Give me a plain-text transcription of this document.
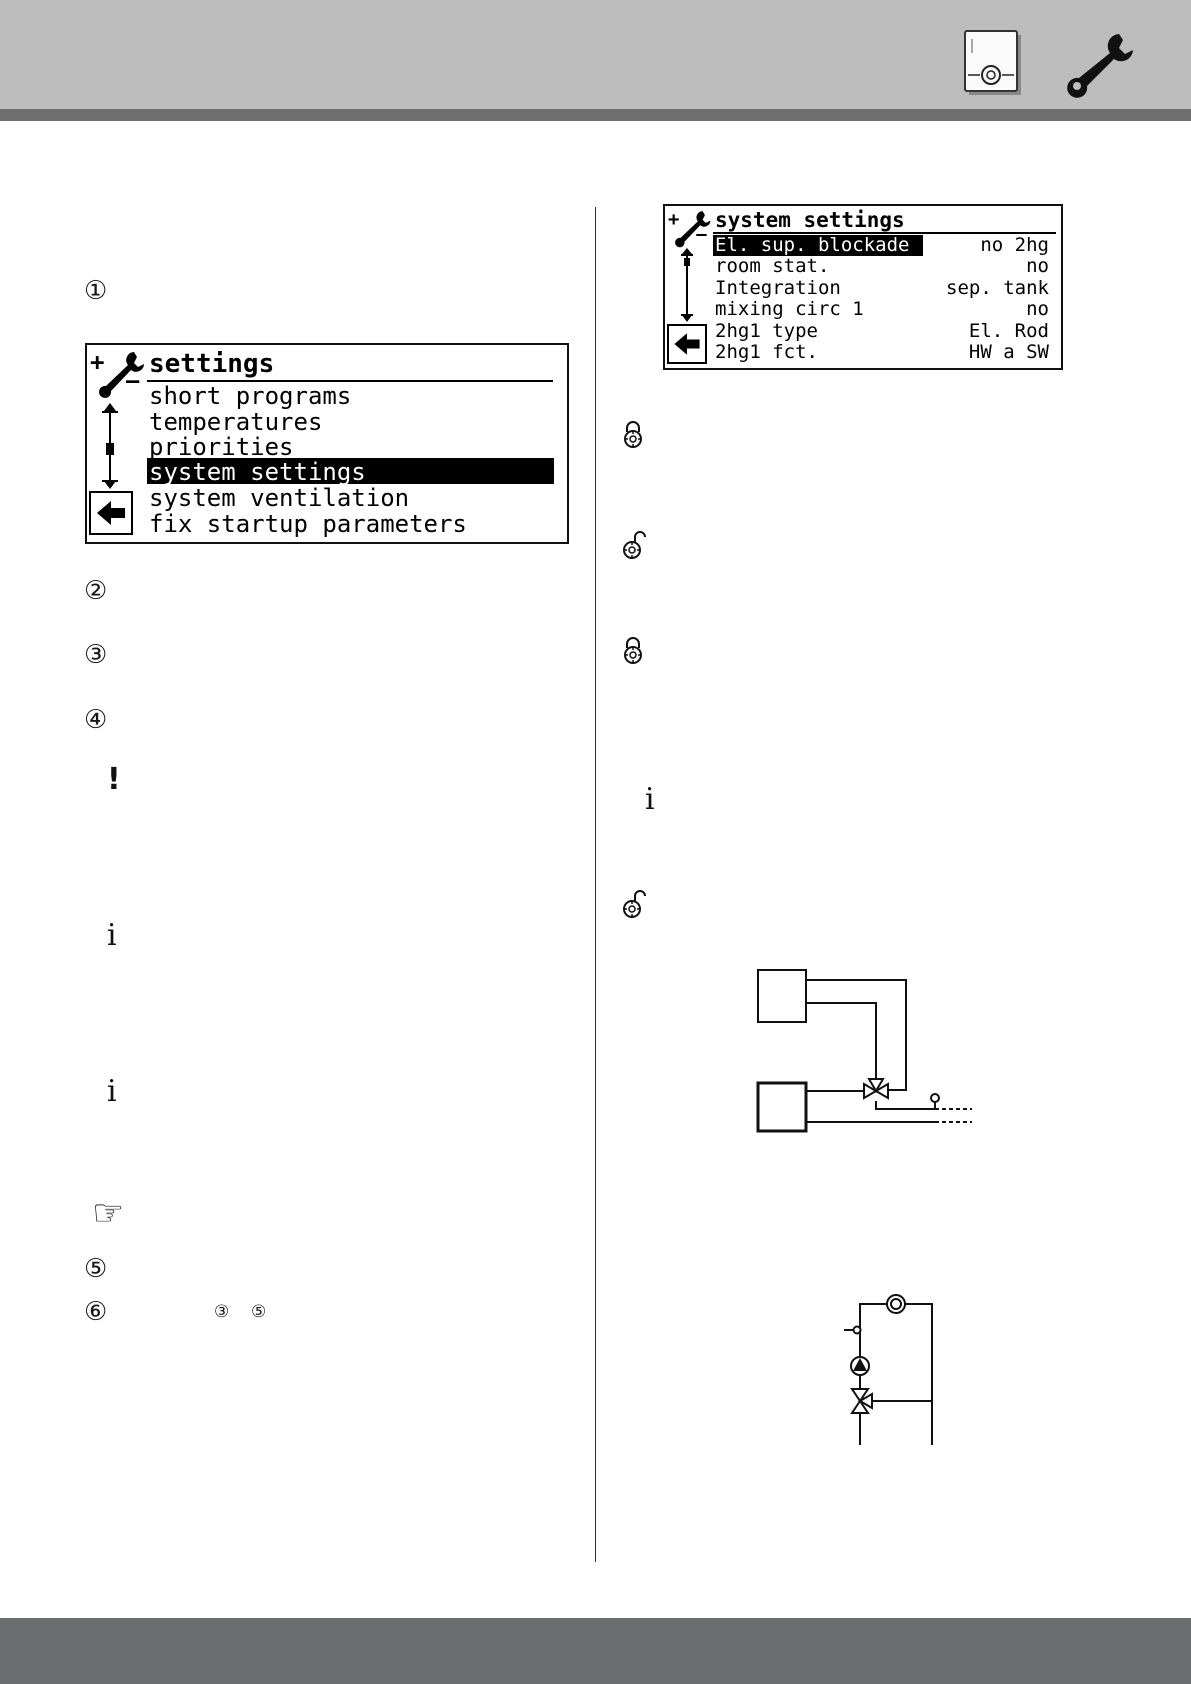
①
+
–
settings
short programs
temperatures
priorities
system settings
system ventilation
fix startup parameters
②
③
④
!
i
i
☞
⑤
⑥	③ ⑤
+
–
system settings
El. sup. blockade	no 2hg
room stat.	no
Integration	sep. tank
mixing circ 1	no
2hg1 type	El. Rod
2hg1 fct.	HW a SW
i
